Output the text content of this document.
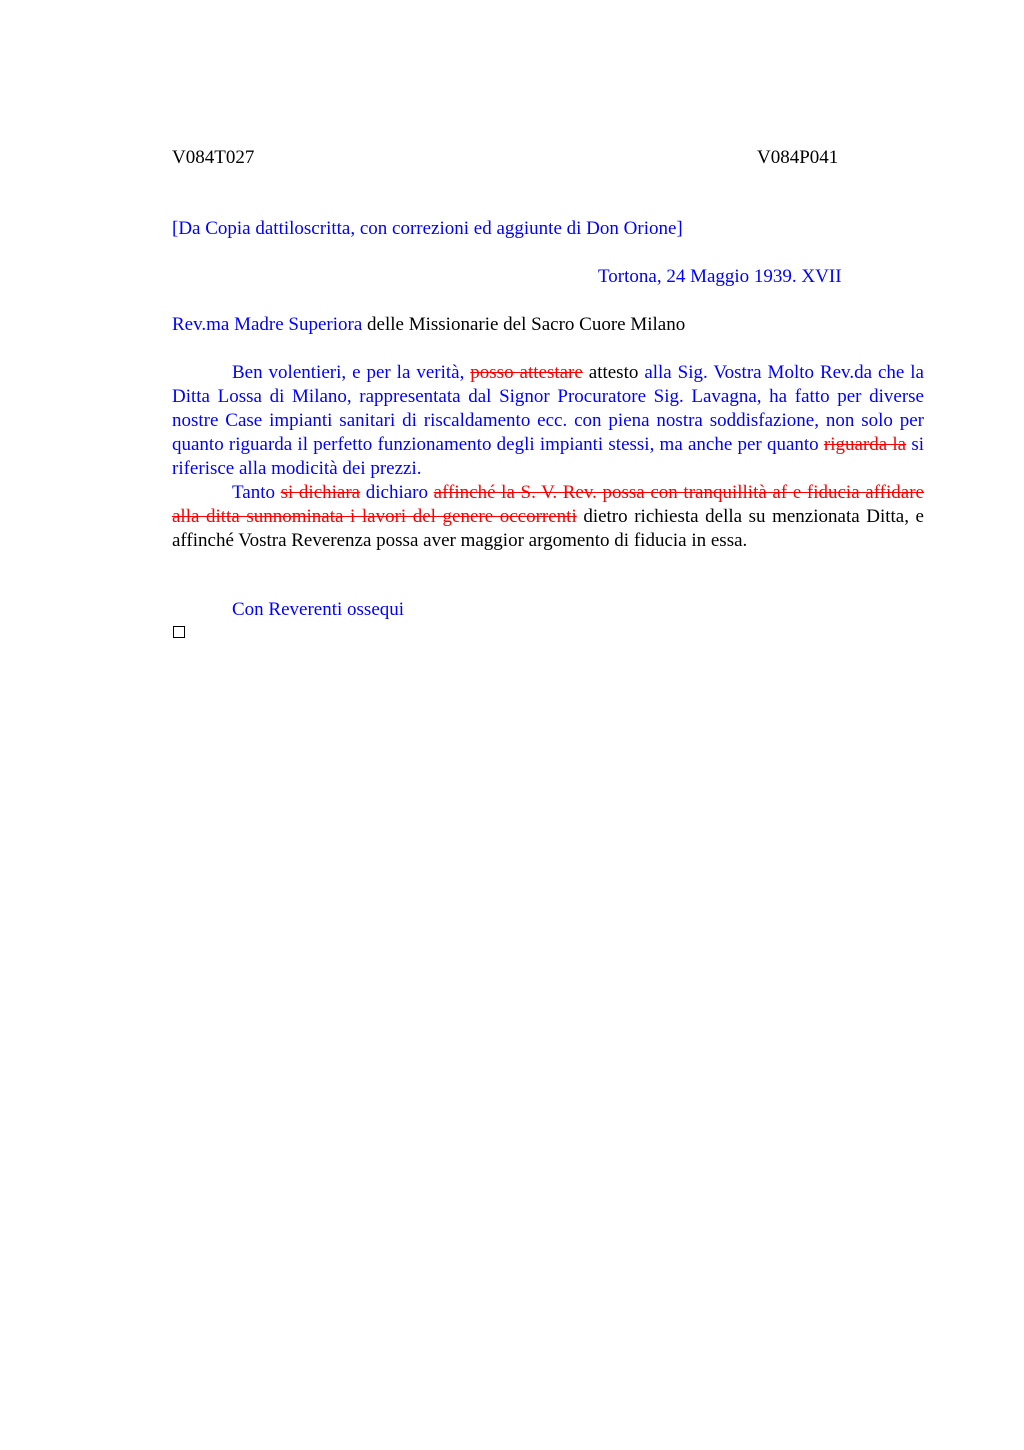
V084T027	V084P041
[Da Copia dattiloscritta, con correzioni ed aggiunte di Don Orione]
Tortona, 24 Maggio 1939. XVII
Rev.ma Madre Superiora delle Missionarie del Sacro Cuore Milano
Ben volentieri, e per la verità, posso attestare attesto alla Sig. Vostra Molto Rev.da che la Ditta Lossa di Milano, rappresentata dal Signor Procuratore Sig. Lavagna, ha fatto per diverse nostre Case impianti sanitari di riscaldamento ecc. con piena nostra soddisfazione, non solo per quanto riguarda il perfetto funzionamento degli impianti stessi, ma anche per quanto riguarda la si riferisce alla modicità dei prezzi.
Tanto si dichiara dichiaro affinché la S. V. Rev. possa con tranquillità af e fiducia affidare alla ditta sunnominata i lavori del genere occorrenti dietro richiesta della su menzionata Ditta, e affinché Vostra Reverenza possa aver maggior argomento di fiducia in essa.
Con Reverenti ossequi
